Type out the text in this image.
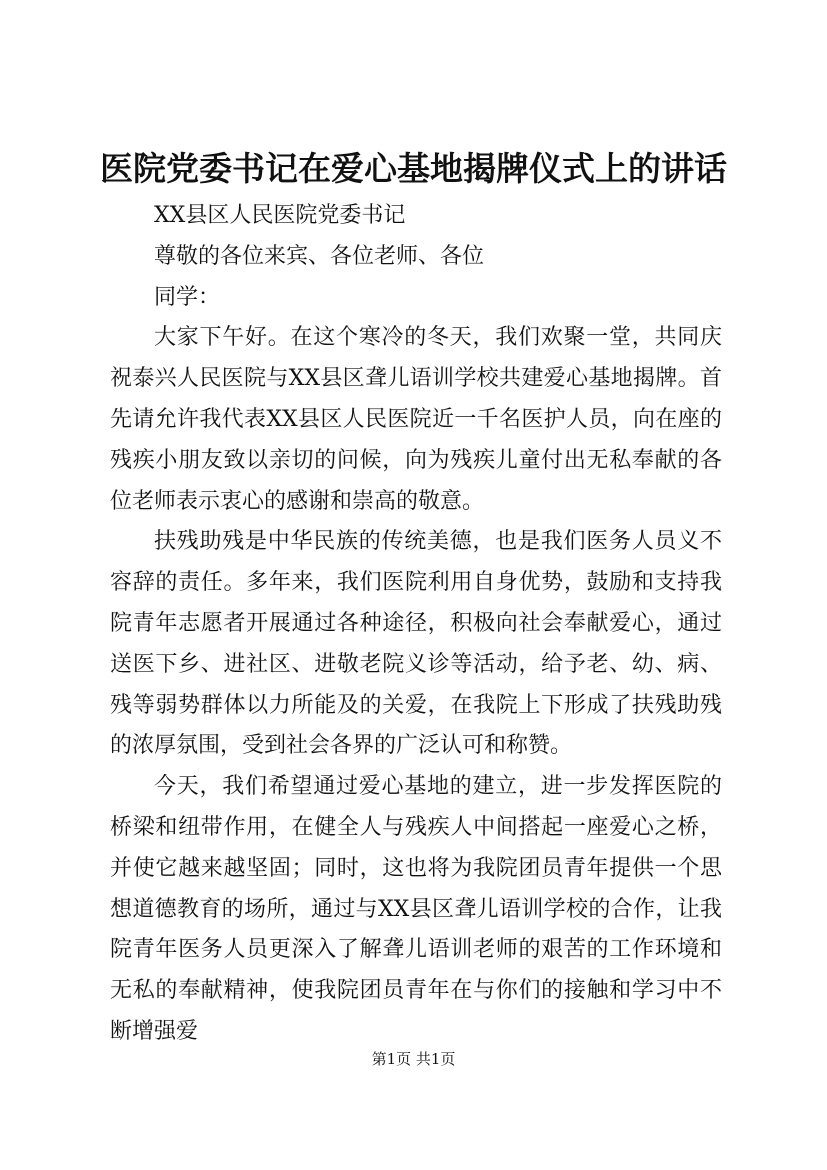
医院党委书记在爱心基地揭牌仪式上的讲话

XX县区人民医院党委书记

尊敬的各位来宾、各位老师、各位

同学：

大家下午好。在这个寒冷的冬天，我们欢聚一堂，共同庆祝泰兴人民医院与XX县区聋儿语训学校共建爱心基地揭牌。首先请允许我代表XX县区人民医院近一千名医护人员，向在座的残疾小朋友致以亲切的问候，向为残疾儿童付出无私奉献的各位老师表示衷心的感谢和崇高的敬意。

扶残助残是中华民族的传统美德，也是我们医务人员义不容辞的责任。多年来，我们医院利用自身优势，鼓励和支持我院青年志愿者开展通过各种途径，积极向社会奉献爱心，通过送医下乡、进社区、进敬老院义诊等活动，给予老、幼、病、残等弱势群体以力所能及的关爱，在我院上下形成了扶残助残的浓厚氛围，受到社会各界的广泛认可和称赞。

今天，我们希望通过爱心基地的建立，进一步发挥医院的桥梁和纽带作用，在健全人与残疾人中间搭起一座爱心之桥，并使它越来越坚固；同时，这也将为我院团员青年提供一个思想道德教育的场所，通过与XX县区聋儿语训学校的合作，让我院青年医务人员更深入了解聋儿语训老师的艰苦的工作环境和无私的奉献精神，使我院团员青年在与你们的接触和学习中不断增强爱

第1页 共1页
